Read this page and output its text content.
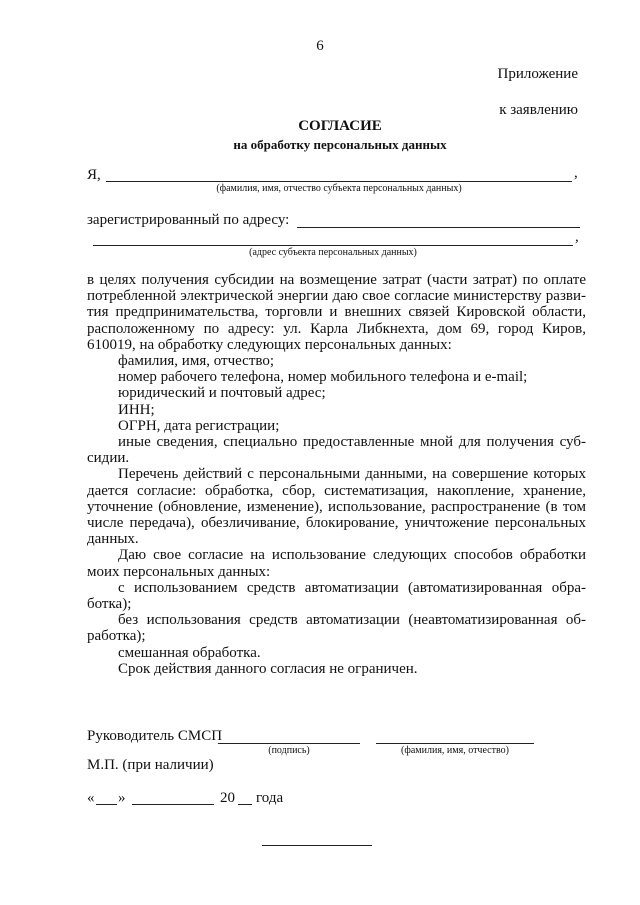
6
Приложение
к заявлению
СОГЛАСИЕ
на обработку персональных данных
Я,	,
(фамилия, имя, отчество субъекта персональных данных)
зарегистрированный по адресу:
,
(адрес субъекта персональных данных)

в целях получения субсидии на возмещение затрат (части затрат) по оплате

потребленной электрической энергии даю свое согласие министерству разви-

тия предпринимательства, торговли и внешних связей Кировской области,

расположенному по адресу: ул. Карла Либкнехта, дом 69, город Киров,

610019, на обработку следующих персональных данных:

фамилия, имя, отчество;

номер рабочего телефона, номер мобильного телефона и e-mail;

юридический и почтовый адрес;

ИНН;

ОГРН, дата регистрации;

иные сведения, специально предоставленные мной для получения суб-

сидии.

Перечень действий с персональными данными, на совершение которых

дается согласие: обработка, сбор, систематизация, накопление, хранение,

уточнение (обновление, изменение), использование, распространение (в том

числе передача), обезличивание, блокирование, уничтожение персональных

данных.

Даю свое согласие на использование следующих способов обработки

моих персональных данных:

с использованием средств автоматизации (автоматизированная обра-

ботка);

без использования средств автоматизации (неавтоматизированная об-

работка);

смешанная обработка.

Срок действия данного согласия не ограничен.

Руководитель СМСП
(подпись)	(фамилия, имя, отчество)
М.П. (при наличии)
« »	20 года
